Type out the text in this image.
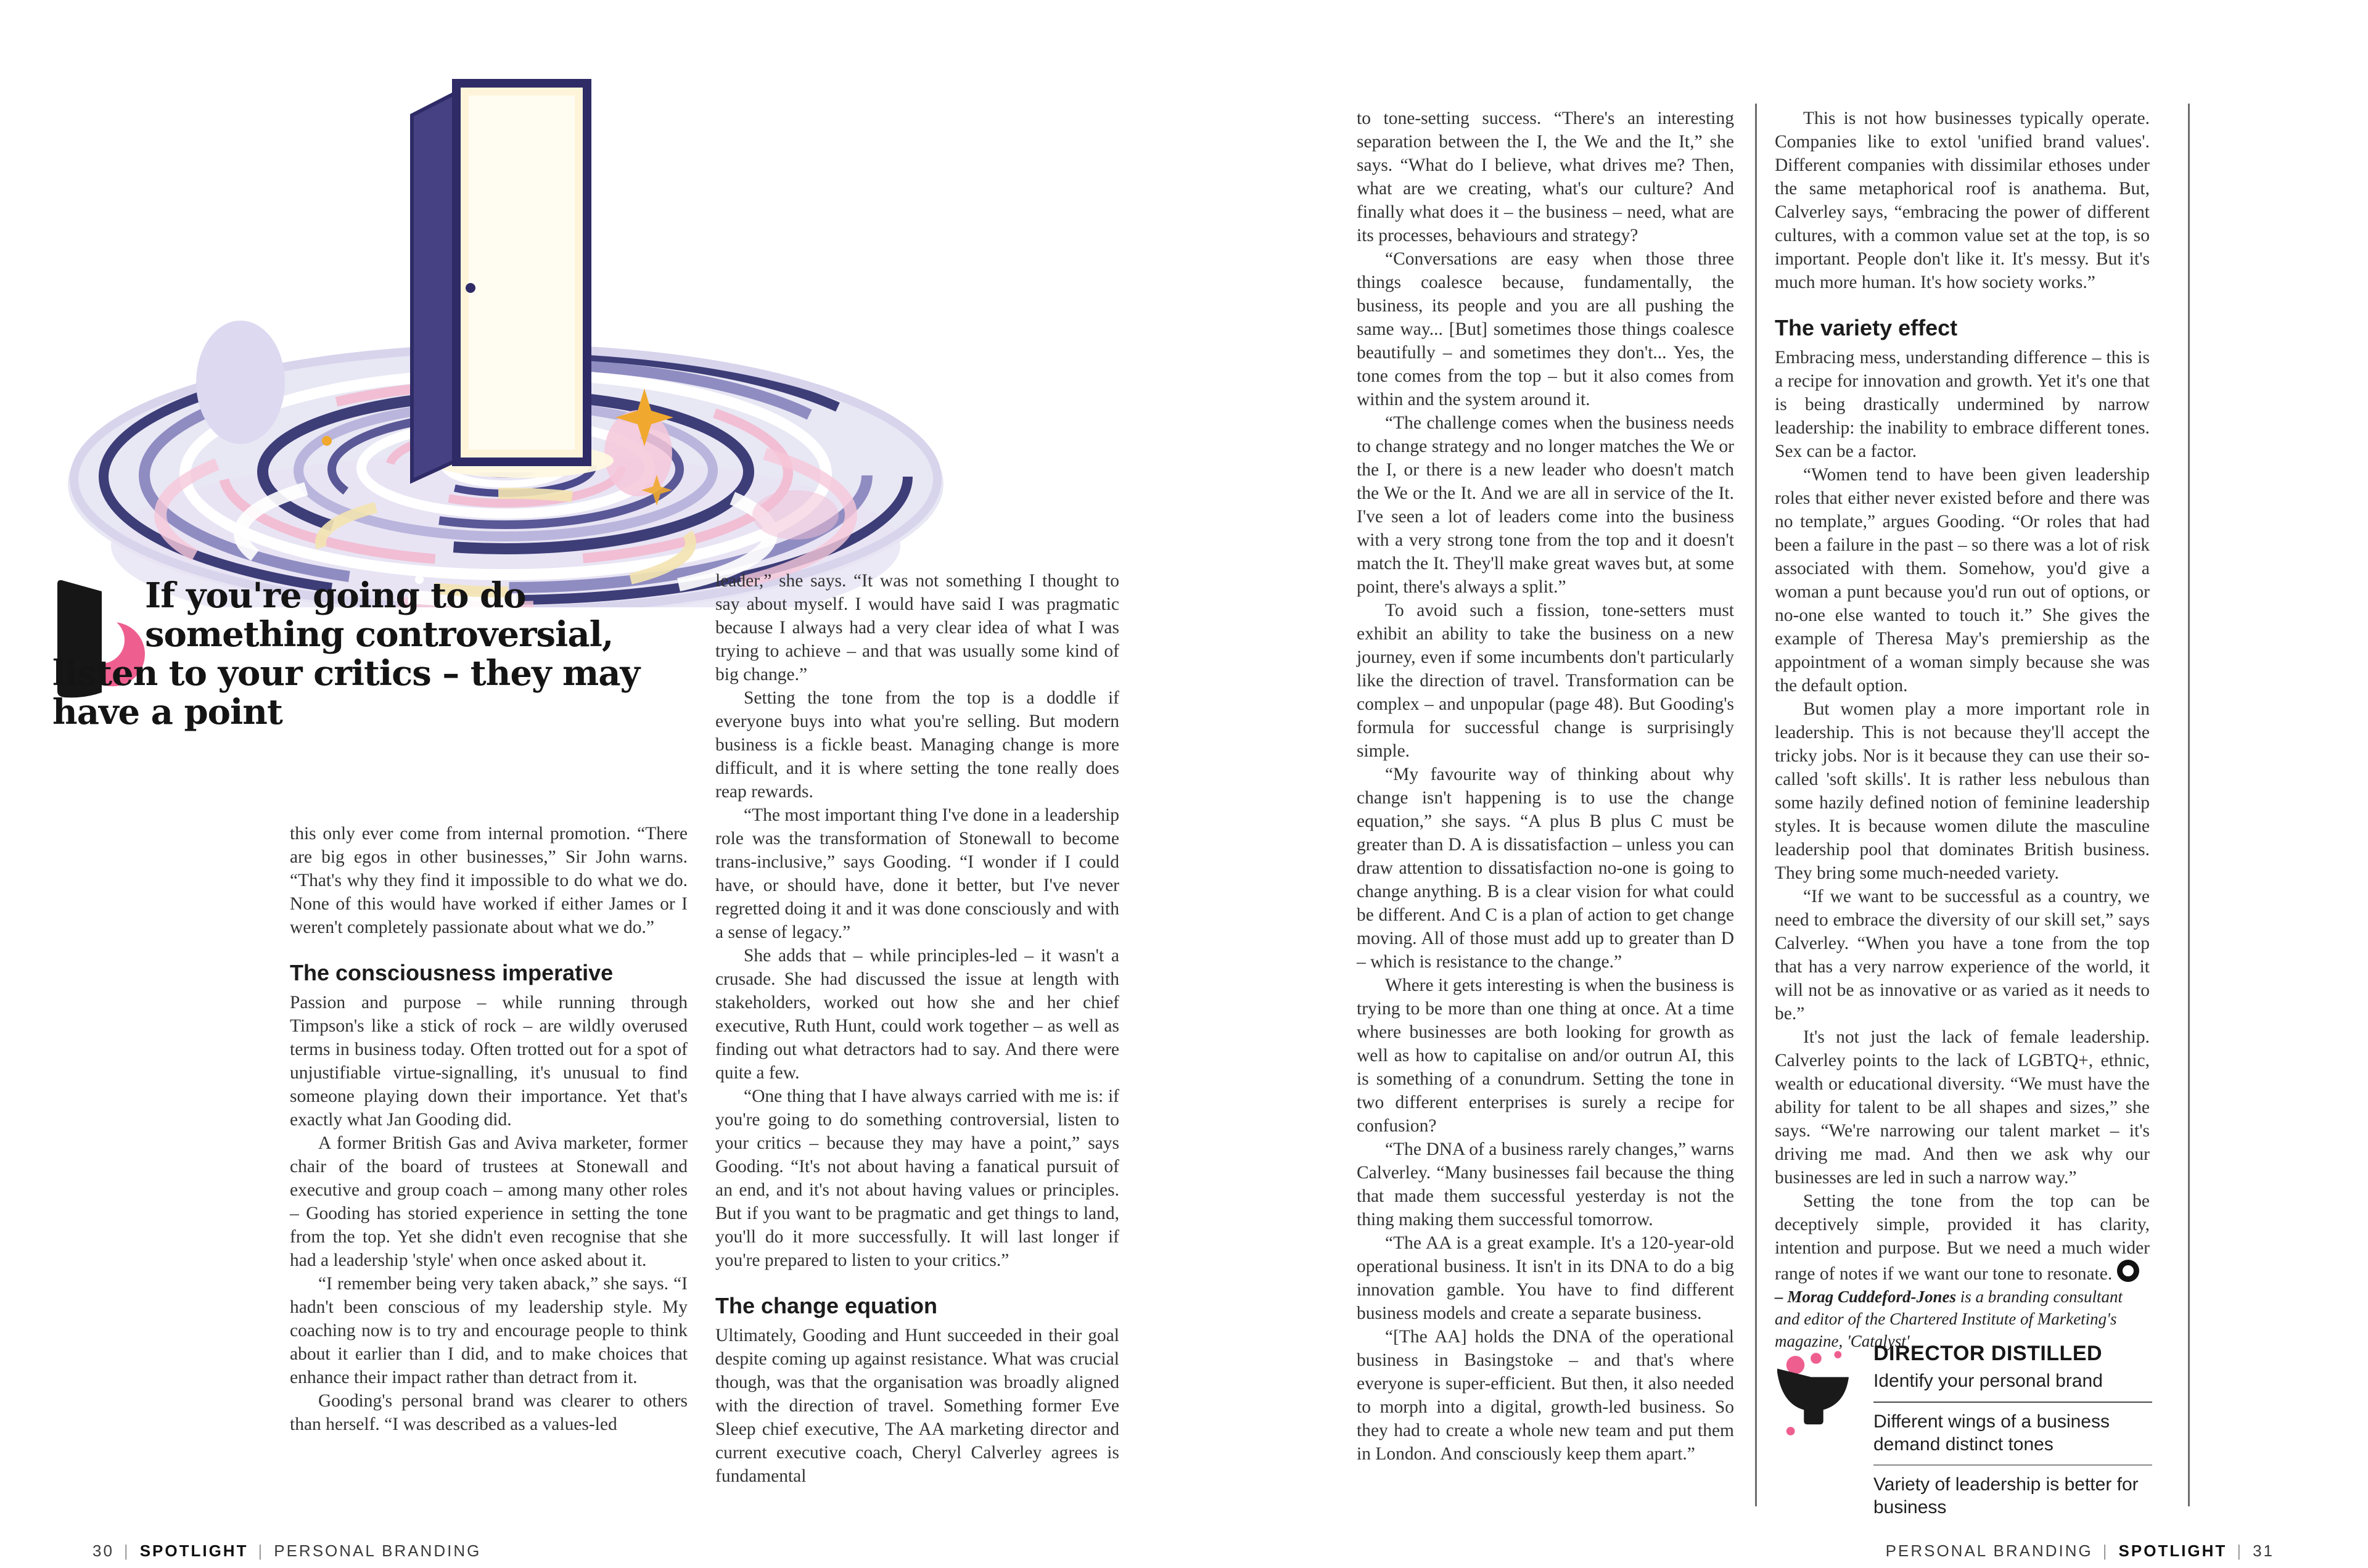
If you're going to do something controversial, listen to your critics – they may have a point

this only ever come from internal promotion. “There are big egos in other businesses,” Sir John warns. “That's why they find it impossible to do what we do. None of this would have worked if either James or I weren't completely passionate about what we do.”

The consciousness imperative

Passion and purpose – while running through Timpson's like a stick of rock – are wildly overused terms in business today. Often trotted out for a spot of unjustifiable virtue-signalling, it's unusual to find someone playing down their importance. Yet that's exactly what Jan Gooding did.

A former British Gas and Aviva marketer, former chair of the board of trustees at Stonewall and executive and group coach – among many other roles – Gooding has storied experience in setting the tone from the top. Yet she didn't even recognise that she had a leadership 'style' when once asked about it.

“I remember being very taken aback,” she says. “I hadn't been conscious of my leadership style. My coaching now is to try and encourage people to think about it earlier than I did, and to make choices that enhance their impact rather than detract from it.

Gooding's personal brand was clearer to others than herself. “I was described as a values-led

leader,” she says. “It was not something I thought to say about myself. I would have said I was pragmatic because I always had a very clear idea of what I was trying to achieve – and that was usually some kind of big change.”

Setting the tone from the top is a doddle if everyone buys into what you're selling. But modern business is a fickle beast. Managing change is more difficult, and it is where setting the tone really does reap rewards.

“The most important thing I've done in a leadership role was the transformation of Stonewall to become trans-inclusive,” says Gooding. “I wonder if I could have, or should have, done it better, but I've never regretted doing it and it was done consciously and with a sense of legacy.”

She adds that – while principles-led – it wasn't a crusade. She had discussed the issue at length with stakeholders, worked out how she and her chief executive, Ruth Hunt, could work together – as well as finding out what detractors had to say. And there were quite a few.

“One thing that I have always carried with me is: if you're going to do something controversial, listen to your critics – because they may have a point,” says Gooding. “It's not about having a fanatical pursuit of an end, and it's not about having values or principles. But if you want to be pragmatic and get things to land, you'll do it more successfully. It will last longer if you're prepared to listen to your critics.”

The change equation

Ultimately, Gooding and Hunt succeeded in their goal despite coming up against resistance. What was crucial though, was that the organisation was broadly aligned with the direction of travel. Something former Eve Sleep chief executive, The AA marketing director and current executive coach, Cheryl Calverley agrees is fundamental

to tone-setting success. “There's an interesting separation between the I, the We and the It,” she says. “What do I believe, what drives me? Then, what are we creating, what's our culture? And finally what does it – the business – need, what are its processes, behaviours and strategy?

“Conversations are easy when those three things coalesce because, fundamentally, the business, its people and you are all pushing the same way... [But] sometimes those things coalesce beautifully – and sometimes they don't... Yes, the tone comes from the top – but it also comes from within and the system around it.

“The challenge comes when the business needs to change strategy and no longer matches the We or the I, or there is a new leader who doesn't match the We or the It. And we are all in service of the It. I've seen a lot of leaders come into the business with a very strong tone from the top and it doesn't match the It. They'll make great waves but, at some point, there's always a split.”

To avoid such a fission, tone-setters must exhibit an ability to take the business on a new journey, even if some incumbents don't particularly like the direction of travel. Transformation can be complex – and unpopular (page 48). But Gooding's formula for successful change is surprisingly simple.

“My favourite way of thinking about why change isn't happening is to use the change equation,” she says. “A plus B plus C must be greater than D. A is dissatisfaction – unless you can draw attention to dissatisfaction no-one is going to change anything. B is a clear vision for what could be different. And C is a plan of action to get change moving. All of those must add up to greater than D – which is resistance to the change.”

Where it gets interesting is when the business is trying to be more than one thing at once. At a time where businesses are both looking for growth as well as how to capitalise on and/or outrun AI, this is something of a conundrum. Setting the tone in two different enterprises is surely a recipe for confusion?

“The DNA of a business rarely changes,” warns Calverley. “Many businesses fail because the thing that made them successful yesterday is not the thing making them successful tomorrow.

“The AA is a great example. It's a 120-year-old operational business. It isn't in its DNA to do a big innovation gamble. You have to find different business models and create a separate business.

“[The AA] holds the DNA of the operational business in Basingstoke – and that's where everyone is super-efficient. But then, it also needed to morph into a digital, growth-led business. So they had to create a whole new team and put them in London. And consciously keep them apart.”

This is not how businesses typically operate. Companies like to extol 'unified brand values'. Different companies with dissimilar ethoses under the same metaphorical roof is anathema. But, Calverley says, “embracing the power of different cultures, with a common value set at the top, is so important. People don't like it. It's messy. But it's much more human. It's how society works.”

The variety effect

Embracing mess, understanding difference – this is a recipe for innovation and growth. Yet it's one that is being drastically undermined by narrow leadership: the inability to embrace different tones. Sex can be a factor.

“Women tend to have been given leadership roles that either never existed before and there was no template,” argues Gooding. “Or roles that had been a failure in the past – so there was a lot of risk associated with them. Somehow, you'd give a woman a punt because you'd run out of options, or no-one else wanted to touch it.” She gives the example of Theresa May's premiership as the appointment of a woman simply because she was the default option.

But women play a more important role in leadership. This is not because they'll accept the tricky jobs. Nor is it because they can use their so-called 'soft skills'. It is rather less nebulous than some hazily defined notion of feminine leadership styles. It is because women dilute the masculine leadership pool that dominates British business. They bring some much-needed variety.

“If we want to be successful as a country, we need to embrace the diversity of our skill set,” says Calverley. “When you have a tone from the top that has a very narrow experience of the world, it will not be as innovative or as varied as it needs to be.”

It's not just the lack of female leadership. Calverley points to the lack of LGBTQ+, ethnic, wealth or educational diversity. “We must have the ability for talent to be all shapes and sizes,” she says. “We're narrowing our talent market – it's driving me mad. And then we ask why our businesses are led in such a narrow way.”

Setting the tone from the top can be deceptively simple, provided it has clarity, intention and purpose. But we need a much wider range of notes if we want our tone to resonate.

– Morag Cuddeford-Jones is a branding consultant and editor of the Chartered Institute of Marketing's magazine, 'Catalyst'

DIRECTOR DISTILLED
Identify your personal brand
Different wings of a business demand distinct tones
Variety of leadership is better for business
30 | SPOTLIGHT | PERSONAL BRANDING	PERSONAL BRANDING | SPOTLIGHT | 31
